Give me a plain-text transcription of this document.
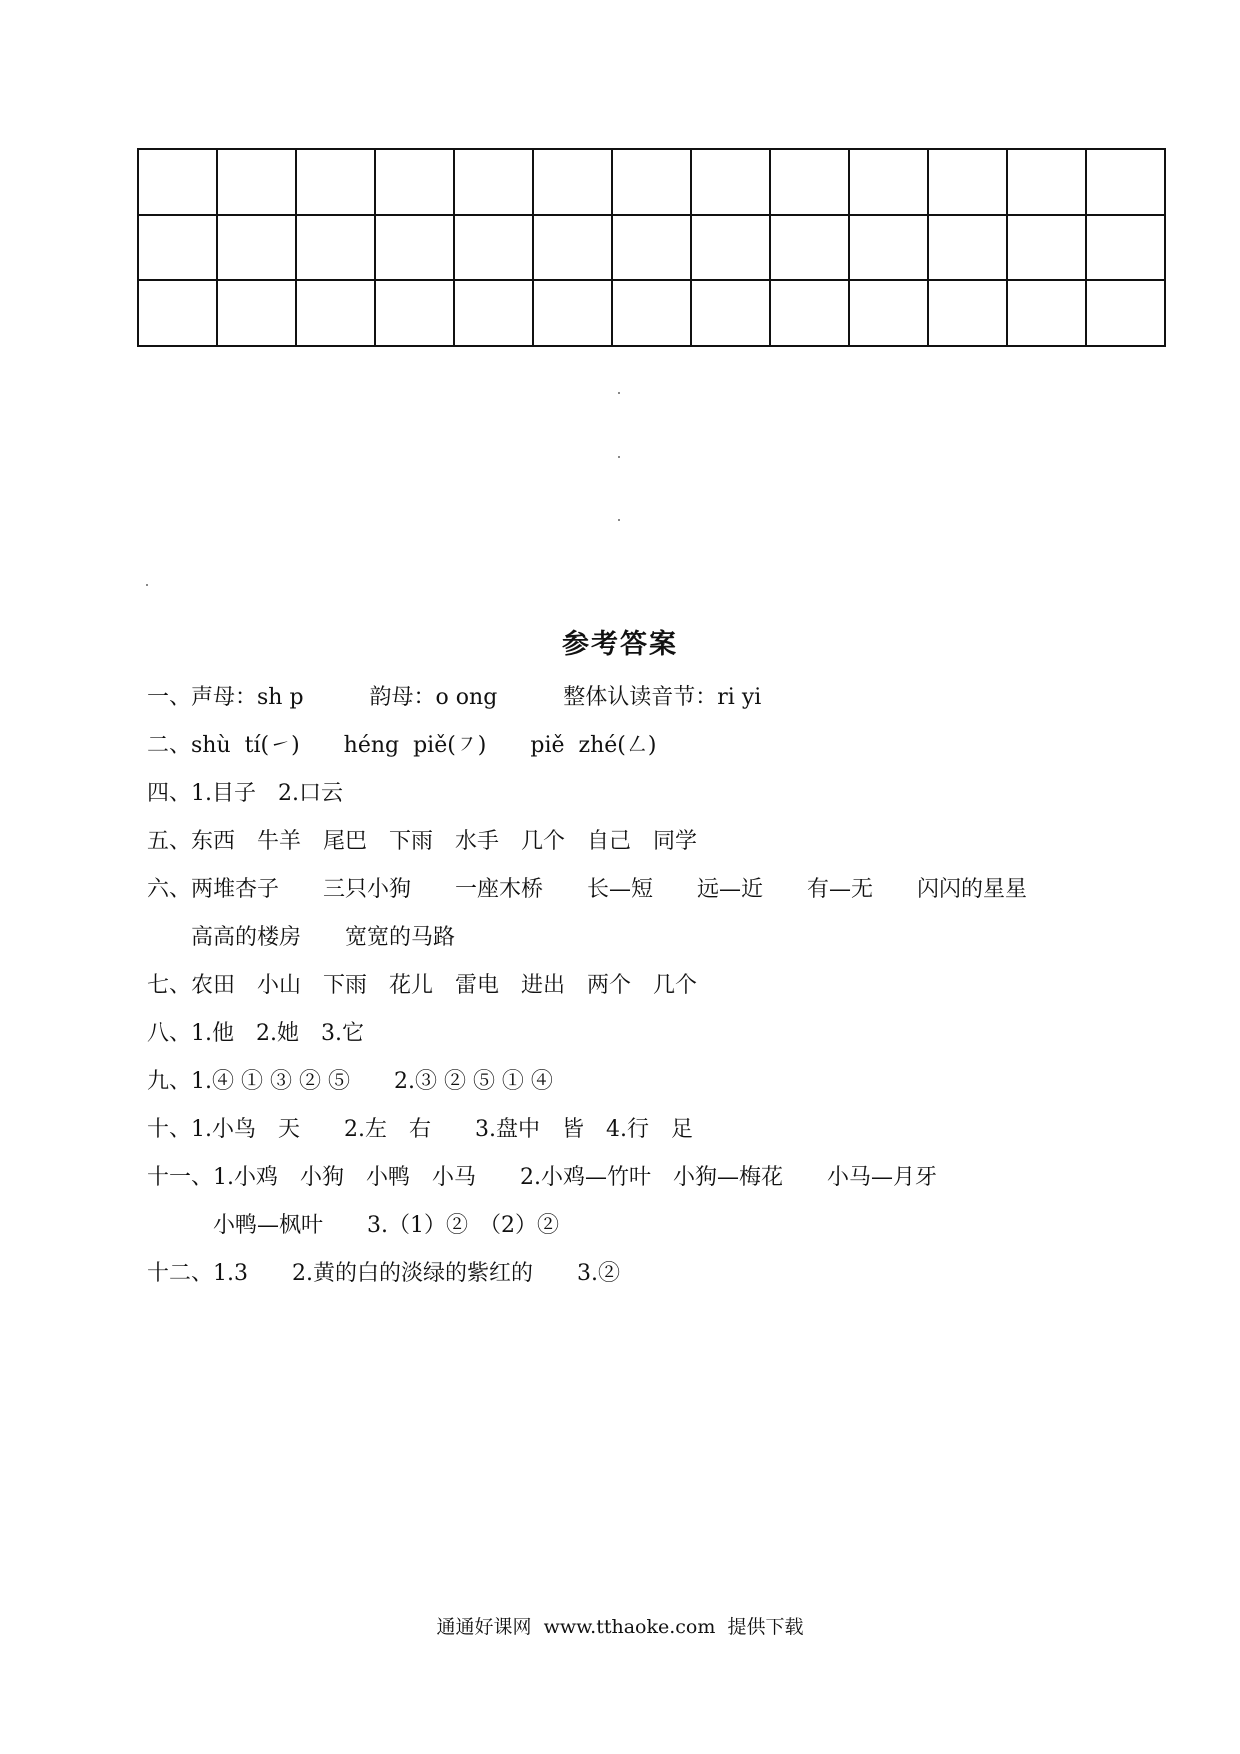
参考答案
一、声母：sh p　　　韵母：o ong　　　整体认读音节：ri yi
二、shù  tí(㇀)　　héng  piě(㇇)　　piě  zhé(㇜)
四、1.目子　2.口云
五、东西　牛羊　尾巴　下雨　水手　几个　自己　同学
六、两堆杏子　　三只小狗　　一座木桥　　长—短　　远—近　　有—无　　闪闪的星星
　　高高的楼房　　宽宽的马路
七、农田　小山　下雨　花儿　雷电　进出　两个　几个
八、1.他　2.她　3.它
九、1.④ ① ③ ② ⑤　　2.③ ② ⑤ ① ④
十、1.小鸟　天　　2.左　右　　3.盘中　皆　4.行　足
十一、1.小鸡　小狗　小鸭　小马　　2.小鸡—竹叶　小狗—梅花　　小马—月牙
　　　小鸭—枫叶　　3.（1）②　（2）②
十二、1.3　　2.黄的白的淡绿的紫红的　　3.②
通通好课网  www.tthaoke.com  提供下载
